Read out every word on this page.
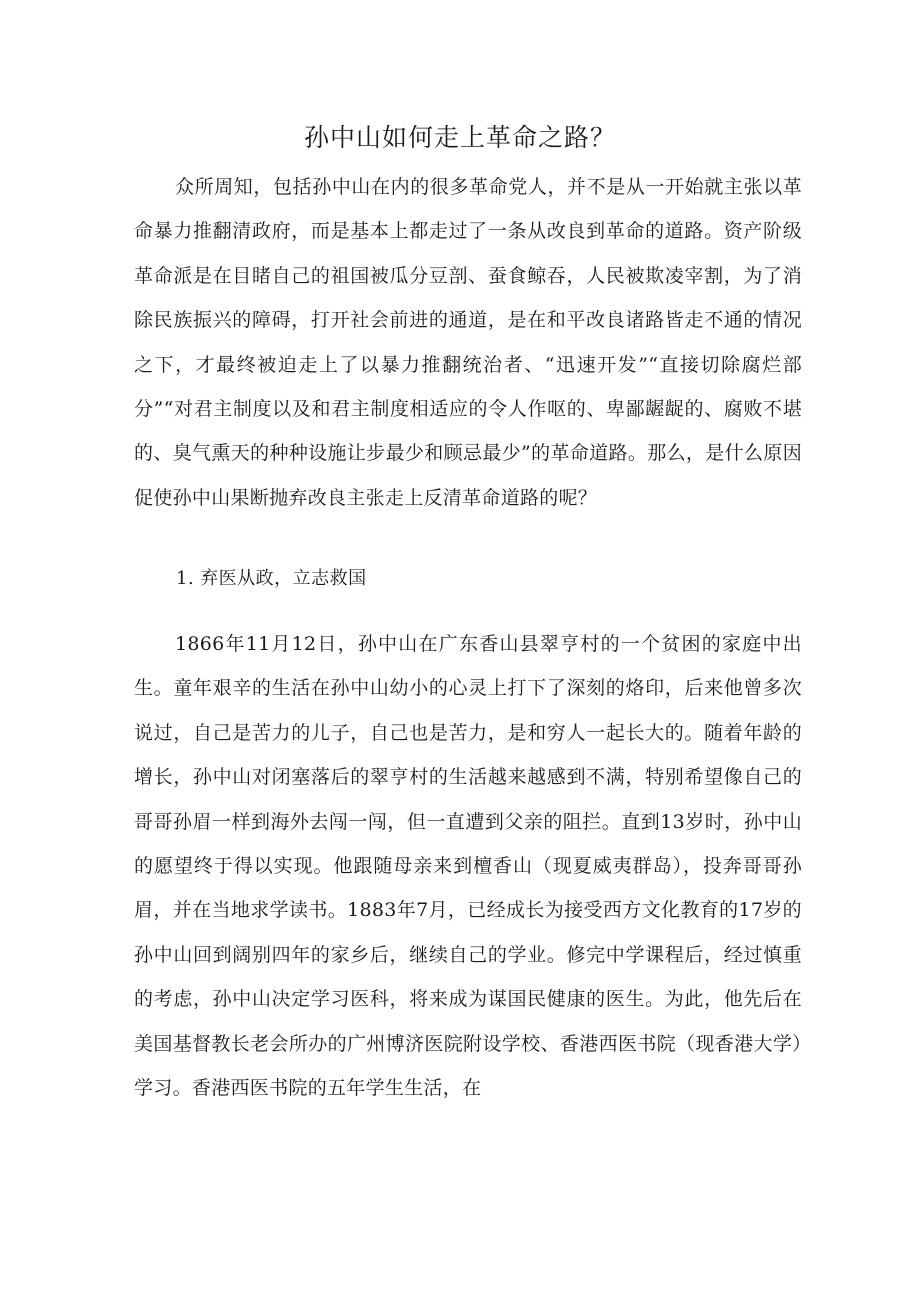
孙中山如何走上革命之路？

众所周知，包括孙中山在内的很多革命党人，并不是从一开始就主张以革命暴力推翻清政府，而是基本上都走过了一条从改良到革命的道路。资产阶级革命派是在目睹自己的祖国被瓜分豆剖、蚕食鲸吞，人民被欺凌宰割，为了消除民族振兴的障碍，打开社会前进的通道，是在和平改良诸路皆走不通的情况之下，才最终被迫走上了以暴力推翻统治者、“迅速开发”“直接切除腐烂部分”“对君主制度以及和君主制度相适应的令人作呕的、卑鄙龌龊的、腐败不堪的、臭气熏天的种种设施让步最少和顾忌最少”的革命道路。那么，是什么原因促使孙中山果断抛弃改良主张走上反清革命道路的呢？

1. 弃医从政，立志救国

1866年11月12日，孙中山在广东香山县翠亨村的一个贫困的家庭中出生。童年艰辛的生活在孙中山幼小的心灵上打下了深刻的烙印，后来他曾多次说过，自己是苦力的儿子，自己也是苦力，是和穷人一起长大的。随着年龄的增长，孙中山对闭塞落后的翠亨村的生活越来越感到不满，特别希望像自己的哥哥孙眉一样到海外去闯一闯，但一直遭到父亲的阻拦。直到13岁时，孙中山的愿望终于得以实现。他跟随母亲来到檀香山（现夏威夷群岛），投奔哥哥孙眉，并在当地求学读书。1883年7月，已经成长为接受西方文化教育的17岁的孙中山回到阔别四年的家乡后，继续自己的学业。修完中学课程后，经过慎重的考虑，孙中山决定学习医科，将来成为谋国民健康的医生。为此，他先后在美国基督教长老会所办的广州博济医院附设学校、香港西医书院（现香港大学）学习。香港西医书院的五年学生生活，在
